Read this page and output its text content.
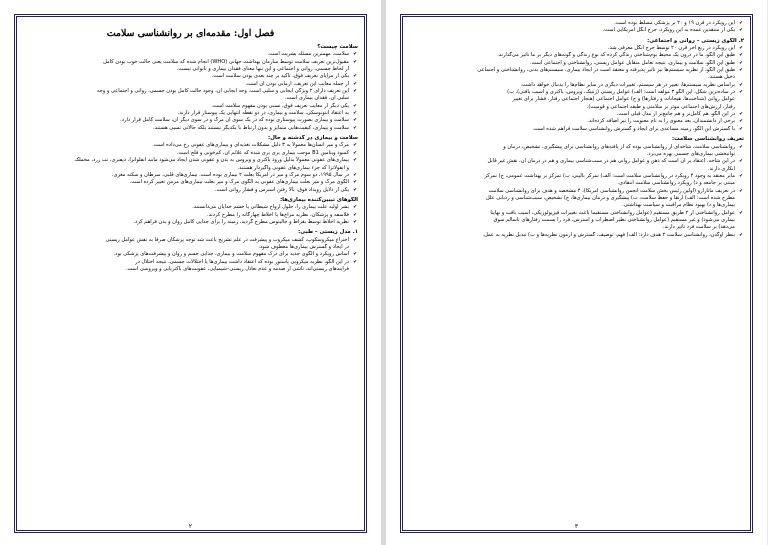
فصل اول: مقدمه‌ای بر روانشناسی سلامت
سلامت چیست؟
✔ سلامت، مهمترین مسئله بشریت است.
✔ مقبول‌ترین تعریف سلامت توسط سازمان بهداشت جهانی (WHO) انجام شده که سلامت یعنی حالت خوب بودن کامل
از لحاظ جسمی، روانی و اجتماعی و این تنها معنای فقدان بیماری و ناتوانی نیست.
✔ یکی از مزایای تعریف فوق، تاکید بر چند بعدی بودن سلامت است.
✔ از جمله معایب این تعریف، آرمانی بودن آن است.
✔ این تعریف دارای ۲ ویژگی ایجابی و سلبی است. وجه ایجابی آن، وجود حالت کامل بودن جسمی، روانی و اجتماعی و وجه
سلبی آن، فقدان بیماری است.
✔ یکی دیگر از معایب تعریف فوق، نسبی بودن مفهوم سلامت است.
✔ به اعتقاد آنتونوسکی، سلامت و بیماری، در دو نقطه انتهایی یک پیوستار قرار دارند.
✔ سلامت و بیماری بصورت پیوستاری بوده که در یک سوی آن مرگ و در سوی دیگر آن، سلامت کامل قرار دارد.
✔ سلامت و بیماری، کیفیت‌هایی متمایز و بدون ارتباط با یکدیگر نیستند بلکه حالاتی نسبی هستند.
سلامت و بیماری در گذشته و حال:
✔ مرگ و میر انسان‌ها معمولاً به ۳ دلیل مشکلات تغذیه‌ای و بیماری‌های عفونی رخ می‌داده است.
✔ کمبود ویتامین B1 موجب بیماری بری بری شده که علائم آن، کم‌خونی و فلج است.
✔ بیماری‌های عفونی معمولاً بدلیل ورود باکتری و ویروس به بدن و عفونی شدن ایجاد می‌شود مانند آنفلوآنزا، دیفتری، تب زرد، مخملک
و آنفولانزا که جزء بیماری‌های عفونی واگیردار هستند.
✔ در سال ۱۹۹۵، دو سوم مرگ و میر در آمریکا بعلت ۲ بیماری بوده است. بیماری‌های قلبی، سرطان و سکته مغزی.
✔ الگوی مرگ و میر بعلت بیماری‌های عفونی به الگوی مرگ و میر بعلت بیماری‌های مزمن تغییر کرده است.
✔ یکی از دلایل رویداد فوق، بالا رفتن استرس و فشار روانی است.
الگوهای تبیین‌کننده بیماری‌ها:
✔ بشر اولیه علت بیماری را، حلول ارواح شیطانی یا خشم خدایان می‌دانستند.
✔ فلاسفه و پزشکان، نظریه مزاج‌ها یا اخلاط چهارگانه را مطرح کردند.
✔ نظریه اخلاط توسط بقراط و جالینوس مطرح گردید، زمینه را برای جدایی کامل روان و بدن فراهم کرد.
۱. مدل زیستی – طبی:
✔ اختراع میکروسکوپ، کشف میکروب و پیشرفت در علم تشریح باعث شد توجه پزشکان صرفاً به نقش عوامل زیستی
در ایجاد و گسترش بیماری‌ها معطوف شود.
✔ اساس رویکرد و الگوی جدید برای درک مفهوم سلامت و بیماری، جدایی جسم و روان و پیشرفت‌های پزشکی بود.
✔ در این الگو، نظریه میکروبی پاستور بوده که اعتقاد داشت بیماری‌ها یا اختلالات جسمی، نتیجه اختلال در
فرآیندهای زیستی‌اند، ناشی از صدمه و عدم تعادل زیستی–شیمیایی، عفونت‌های باکتریایی و ویروسی است.
۲
✔ این رویکرد در قرن ۱۹ و ۲۰ بر پزشکی مسلط بوده است.
✔ یکی از منتقدین عمده به این رویکرد، جرج انگل آمریکایی است.
۲. الگوی زیستی – روانی و اجتماعی:
✔ این رویکرد در ربع آخر قرن ۲۰ توسط جرج انگل معرفی شد.
✔ طبق این الگو، ما در درون یک محیط بوم‌شناختی زندگی کرده که نوع زندگی و گونه‌های دیگر بر ما تاثیر می‌گذارند.
✔ طبق این الگو، سلامت و بیماری، نتیجه تعامل متقابل عوامل زیستی، روانشناختی و اجتماعی است.
✔ طبق این الگو، از نظریه سیستم‌ها نیز تاثیر پذیرفته و معتقد است در ایجاد بیماری، سیستم‌های بدنی، روانشناختی و اجتماعی
دخیل هستند.
✔ براساس نظریه سیستم‌ها، تغییر در هر سیستم، تغییرات دیگری در سایر نظام‌ها را بدنبال خواهد داشت.
✔ در ساده‌ترین شکل، این الگو ۳ مولفه است: الف) عوامل زیستی (ژنتیک، ویروس، باکتری و آسیب بافتی)، ب)
عوامل روانی (شناخت‌ها، هیجانات و رفتارها) و ج) عوامل اجتماعی (هنجار اجتماعی رفتار، فشار برای تغییر
رفتار، ارزش‌های اجتماعی موثر بر سلامتی و طبقه اجتماعی و قومیت).
✔ در این الگو، هم کامل‌تر و هم جامع‌تر از مدل قبلی است.
✔ برخی از دانشمندان، بعد معنوی را به نام معنویت را نیز اضافه کرده‌اند.
✔ با گسترش این الگو، زمینه مساعدی برای ایجاد و گسترش روانشناسی سلامت فراهم شده است.
تعریف روانشناسی سلامت:
✔ روانشناسی سلامت، شاخه‌ای از روانشناسی بوده که از یافته‌های روانشناسی برای پیشگیری، تشخیص، درمان و
توانبخشی بیماری‌های جسمی بهره می‌برد.
✔ در این شاخه، اعتقاد بر آن است که ذهن و عوامل روانی هم در سبب‌شناسی بیماری و هم در درمان آن، نقش غیر قابل
انکاری دارند.
✔ ماتر معتقد به وجود ۴ رویکرد در روانشناسی سلامت است: الف) تمرکز بالینی، ب) تمرکز بر بهداشت عمومی، ج) تمرکز
مبتنی بر جامعه و د) رویکرد روانشناسی سلامت انتقادی.
✔ در تعریف ماتارازو (اولین رئیس بخش سلامت انجمن روانشناسی آمریکا)، ۴ مشخصه و هدف برای روانشناسی سلامت
مطرح شده است: الف) ارتقا و حفظ سلامت، ب) پیشگیری و درمان بیماری‌ها، ج) تشخیص، سبب‌شناسی و ردیابی علل
بیماری‌ها و د) بهبود نظام مراقبت و سیاست بهداشتی.
✔ عوامل روانشناختی از ۲ طریق مستقیم (عوامل روانشناختی مستقیماً باعث تغییرات فیزیولوژیکی، آسیب بافت و نهایتاً
بیماری می‌شود) و غیر مستقیم (عوامل روانشناختی نظیر اضطراب و استرس، فرد را بسمت رفتارهای ناسالم سوق
می‌دهد) بر سلامت فرد تاثیر دارند.
✔ بنظر اوگدن، روانشناسی سلامت ۲ هدف دارد: الف) فهم، توصیف، گسترش و آزمون نظریه‌ها و ب) تبدیل نظریه به عمل.
۳
